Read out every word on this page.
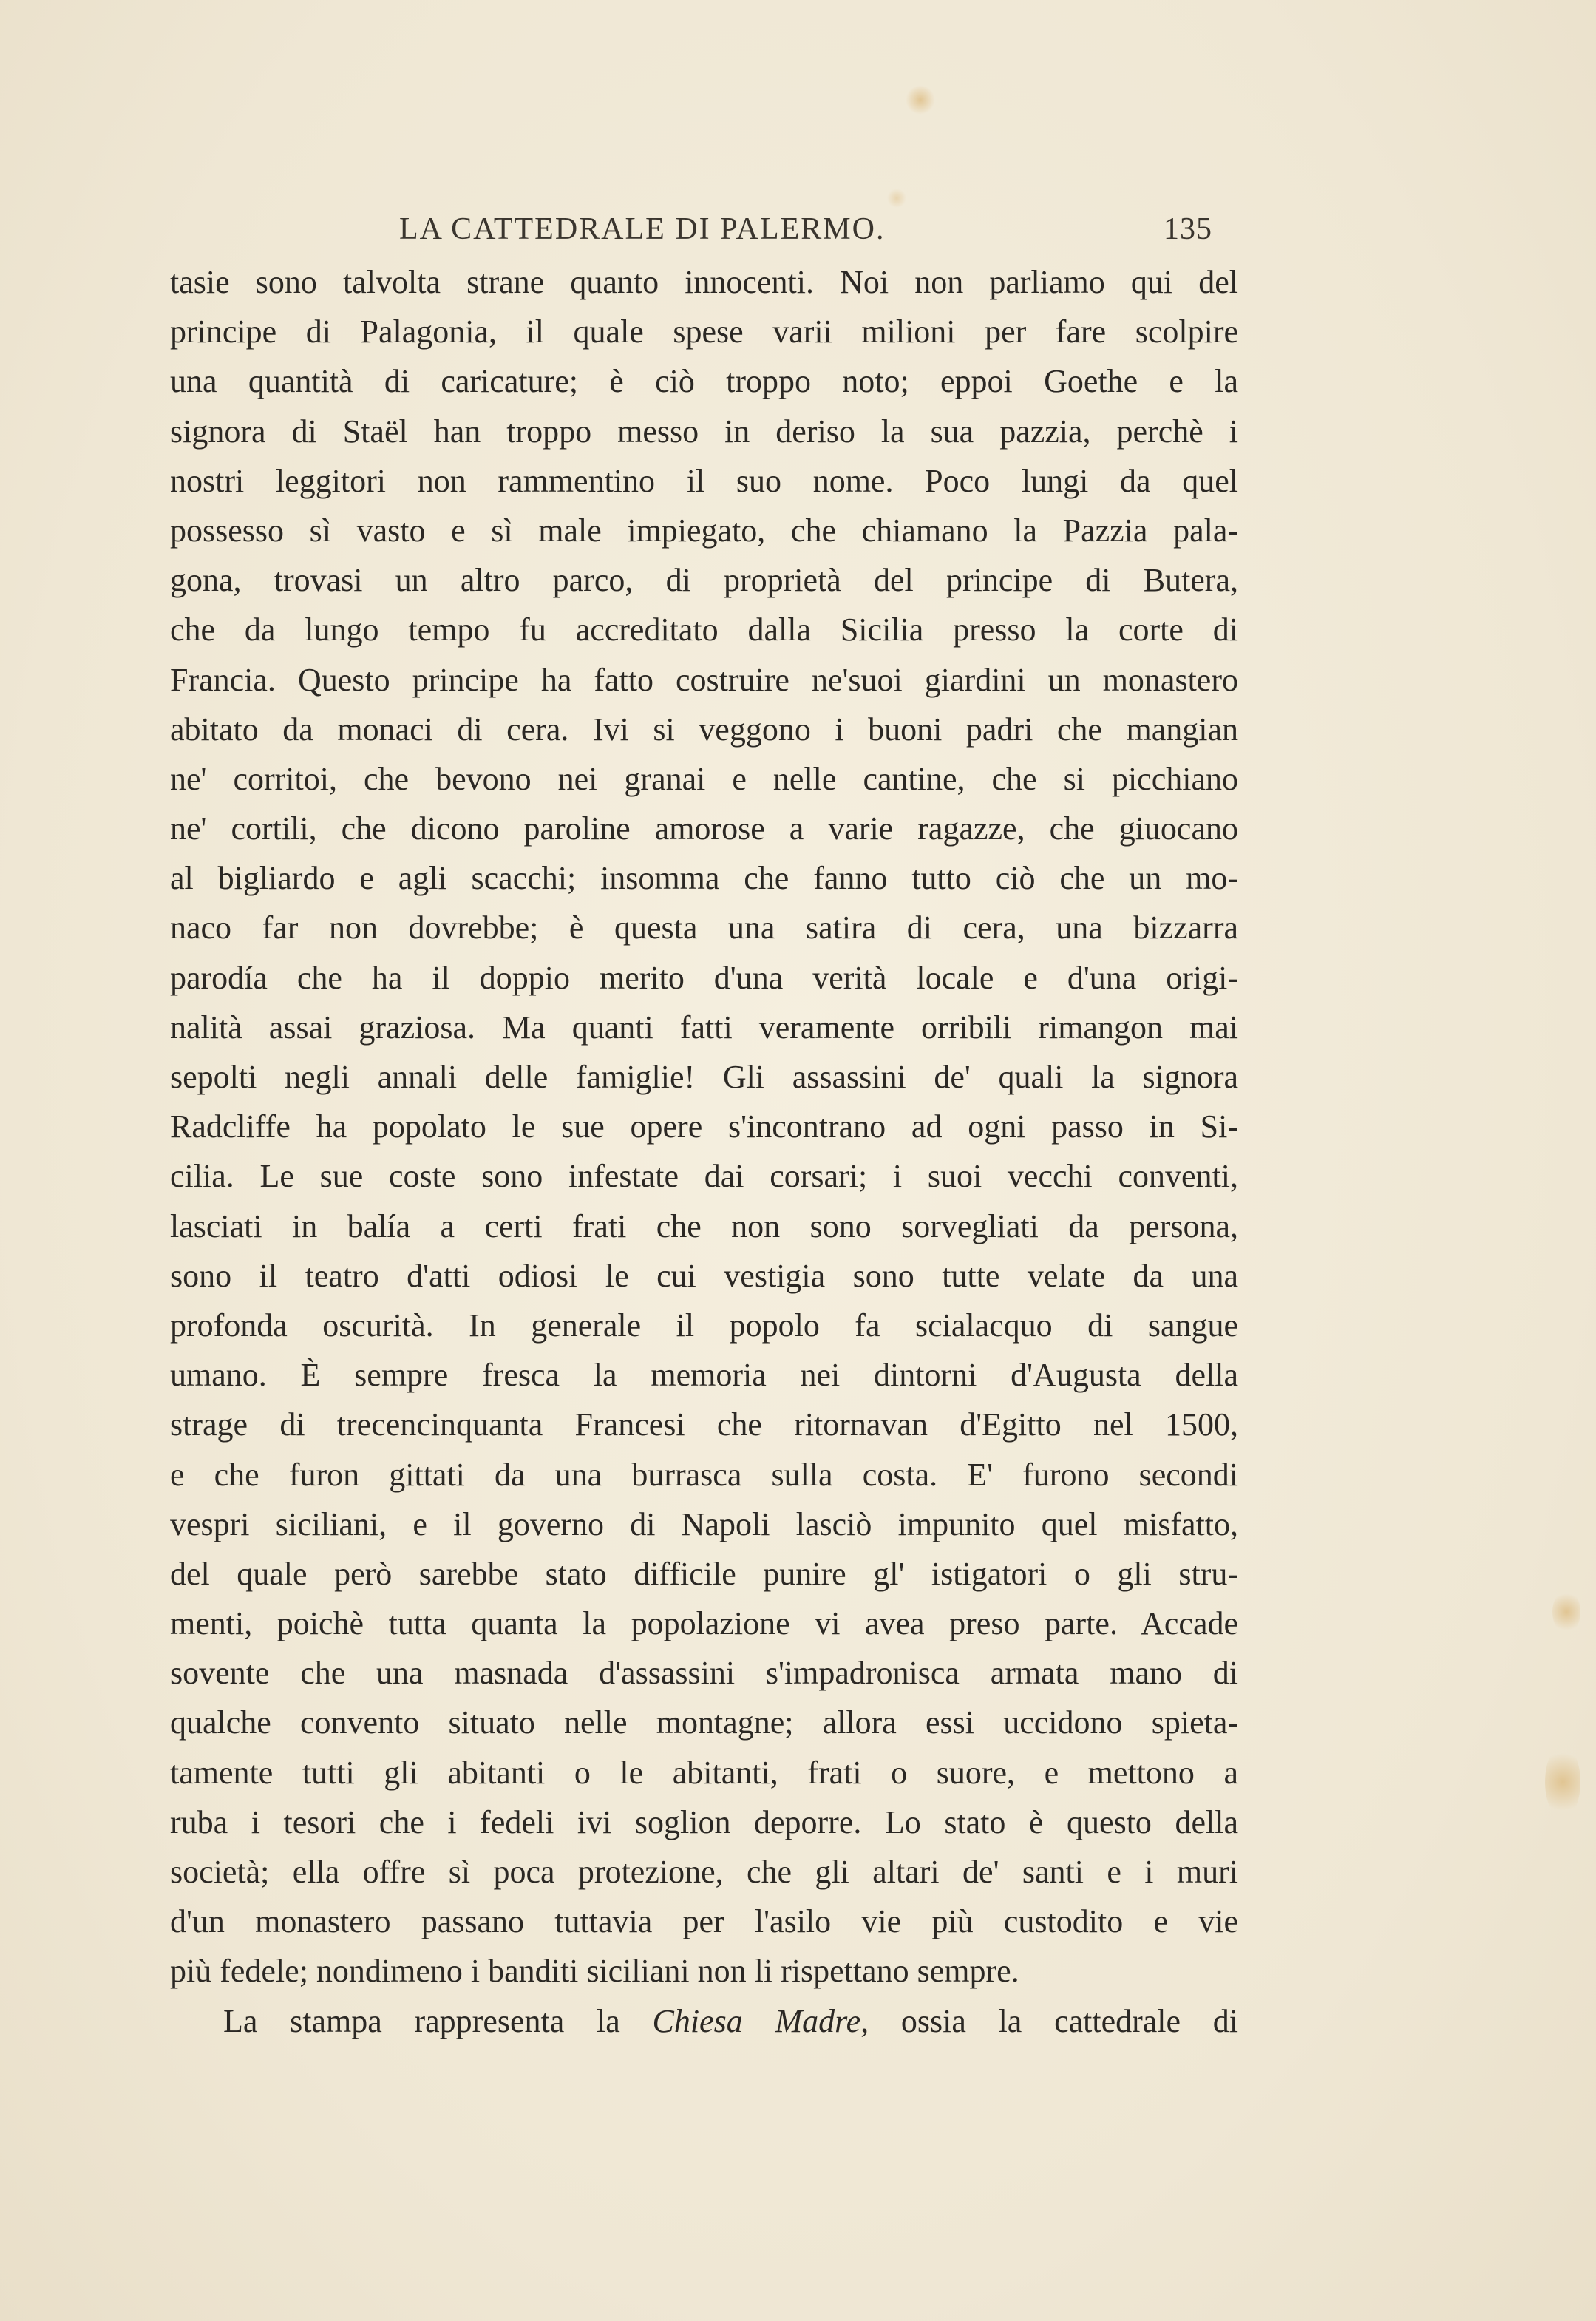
LA CATTEDRALE DI PALERMO.	135
tasie sono talvolta strane quanto innocenti. Noi non parliamo qui del
principe di Palagonia, il quale spese varii milioni per fare scolpire
una quantità di caricature; è ciò troppo noto; eppoi Goethe e la
signora di Staël han troppo messo in deriso la sua pazzia, perchè i
nostri leggitori non rammentino il suo nome. Poco lungi da quel
possesso sì vasto e sì male impiegato, che chiamano la Pazzia pala-
gona, trovasi un altro parco, di proprietà del principe di Butera,
che da lungo tempo fu accreditato dalla Sicilia presso la corte di
Francia. Questo principe ha fatto costruire ne'suoi giardini un monastero
abitato da monaci di cera. Ivi si veggono i buoni padri che mangian
ne' corritoi, che bevono nei granai e nelle cantine, che si picchiano
ne' cortili, che dicono paroline amorose a varie ragazze, che giuocano
al bigliardo e agli scacchi; insomma che fanno tutto ciò che un mo-
naco far non dovrebbe; è questa una satira di cera, una bizzarra
parodía che ha il doppio merito d'una verità locale e d'una origi-
nalità assai graziosa. Ma quanti fatti veramente orribili rimangon mai
sepolti negli annali delle famiglie! Gli assassini de' quali la signora
Radcliffe ha popolato le sue opere s'incontrano ad ogni passo in Si-
cilia. Le sue coste sono infestate dai corsari; i suoi vecchi conventi,
lasciati in balía a certi frati che non sono sorvegliati da persona,
sono il teatro d'atti odiosi le cui vestigia sono tutte velate da una
profonda oscurità. In generale il popolo fa scialacquo di sangue
umano. È sempre fresca la memoria nei dintorni d'Augusta della
strage di trecencinquanta Francesi che ritornavan d'Egitto nel 1500,
e che furon gittati da una burrasca sulla costa. E' furono secondi
vespri siciliani, e il governo di Napoli lasciò impunito quel misfatto,
del quale però sarebbe stato difficile punire gl' istigatori o gli stru-
menti, poichè tutta quanta la popolazione vi avea preso parte. Accade
sovente che una masnada d'assassini s'impadronisca armata mano di
qualche convento situato nelle montagne; allora essi uccidono spieta-
tamente tutti gli abitanti o le abitanti, frati o suore, e mettono a
ruba i tesori che i fedeli ivi soglion deporre. Lo stato è questo della
società; ella offre sì poca protezione, che gli altari de' santi e i muri
d'un monastero passano tuttavia per l'asilo vie più custodito e vie
più fedele; nondimeno i banditi siciliani non li rispettano sempre.
La stampa rappresenta la Chiesa Madre, ossia la cattedrale di
